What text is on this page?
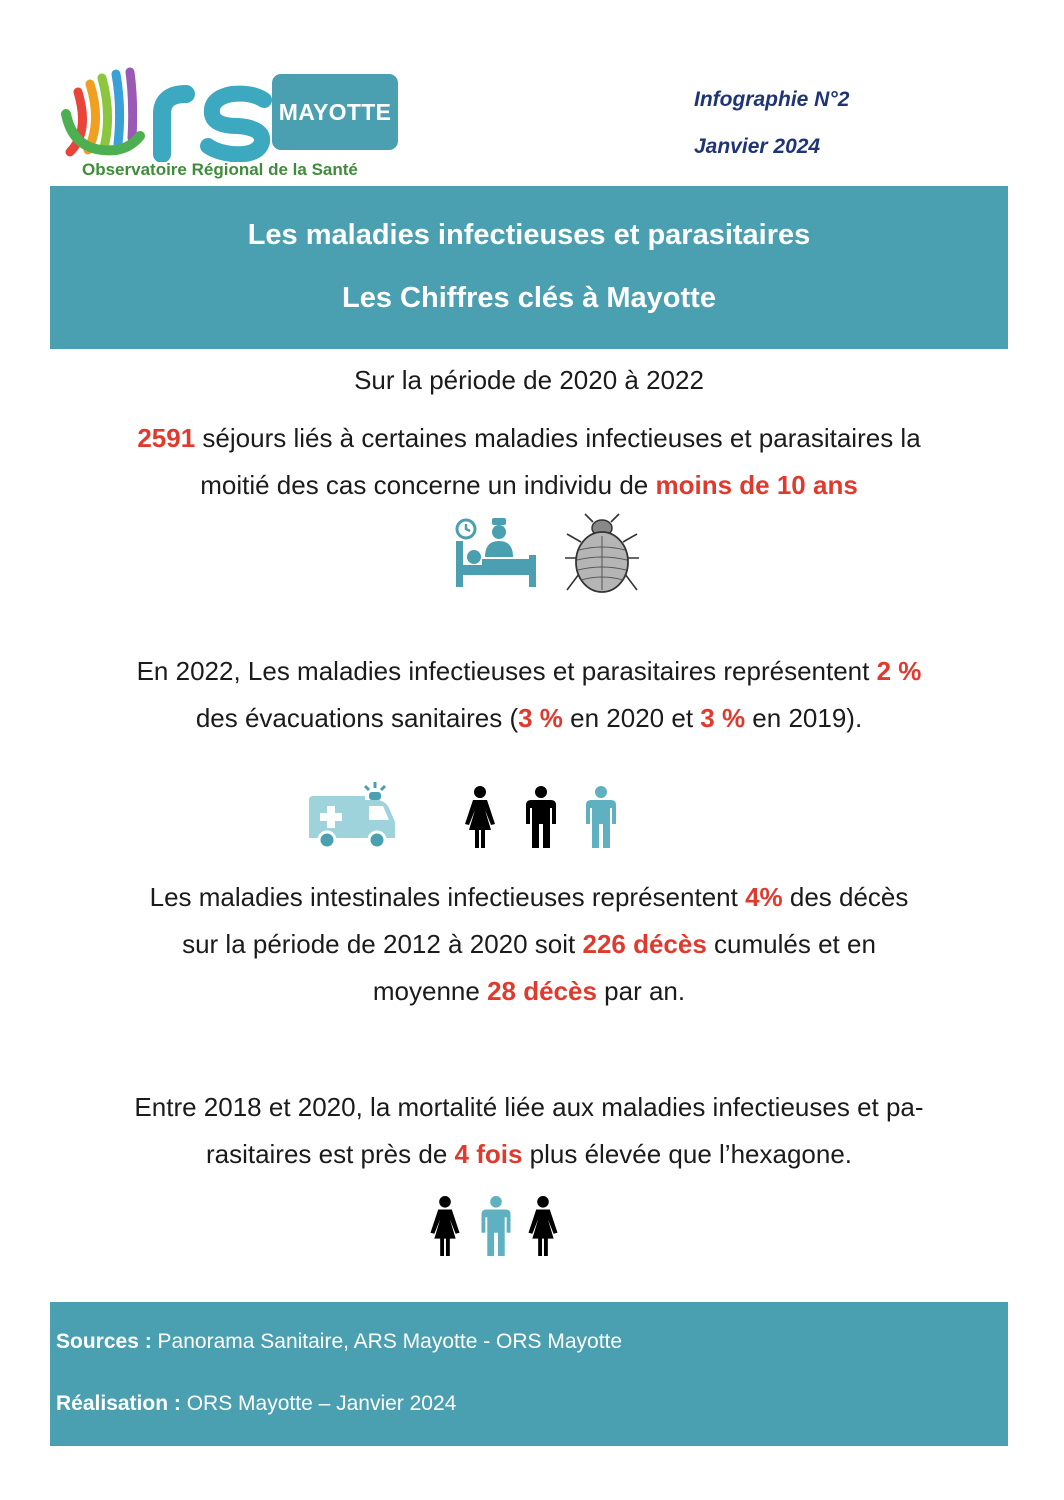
MAYOTTE
Observatoire Régional de la Santé
Infographie N°2
Janvier 2024
Les maladies infectieuses et parasitaires
Les Chiffres clés à Mayotte
Sur la période de 2020 à 2022
2591 séjours liés à certaines maladies infectieuses et parasitaires la
moitié des cas concerne un individu de moins de 10 ans
En 2022, Les maladies infectieuses et parasitaires représentent 2 %
des évacuations sanitaires (3 % en 2020 et 3 % en 2019).
Les maladies intestinales infectieuses représentent 4% des décès
sur la période de 2012 à 2020 soit 226 décès cumulés et en
moyenne 28 décès par an.
Entre 2018 et 2020, la mortalité liée aux maladies infectieuses et pa-
rasitaires est près de 4 fois plus élevée que l’hexagone.
Sources : Panorama Sanitaire, ARS Mayotte - ORS Mayotte
Réalisation : ORS Mayotte – Janvier 2024
